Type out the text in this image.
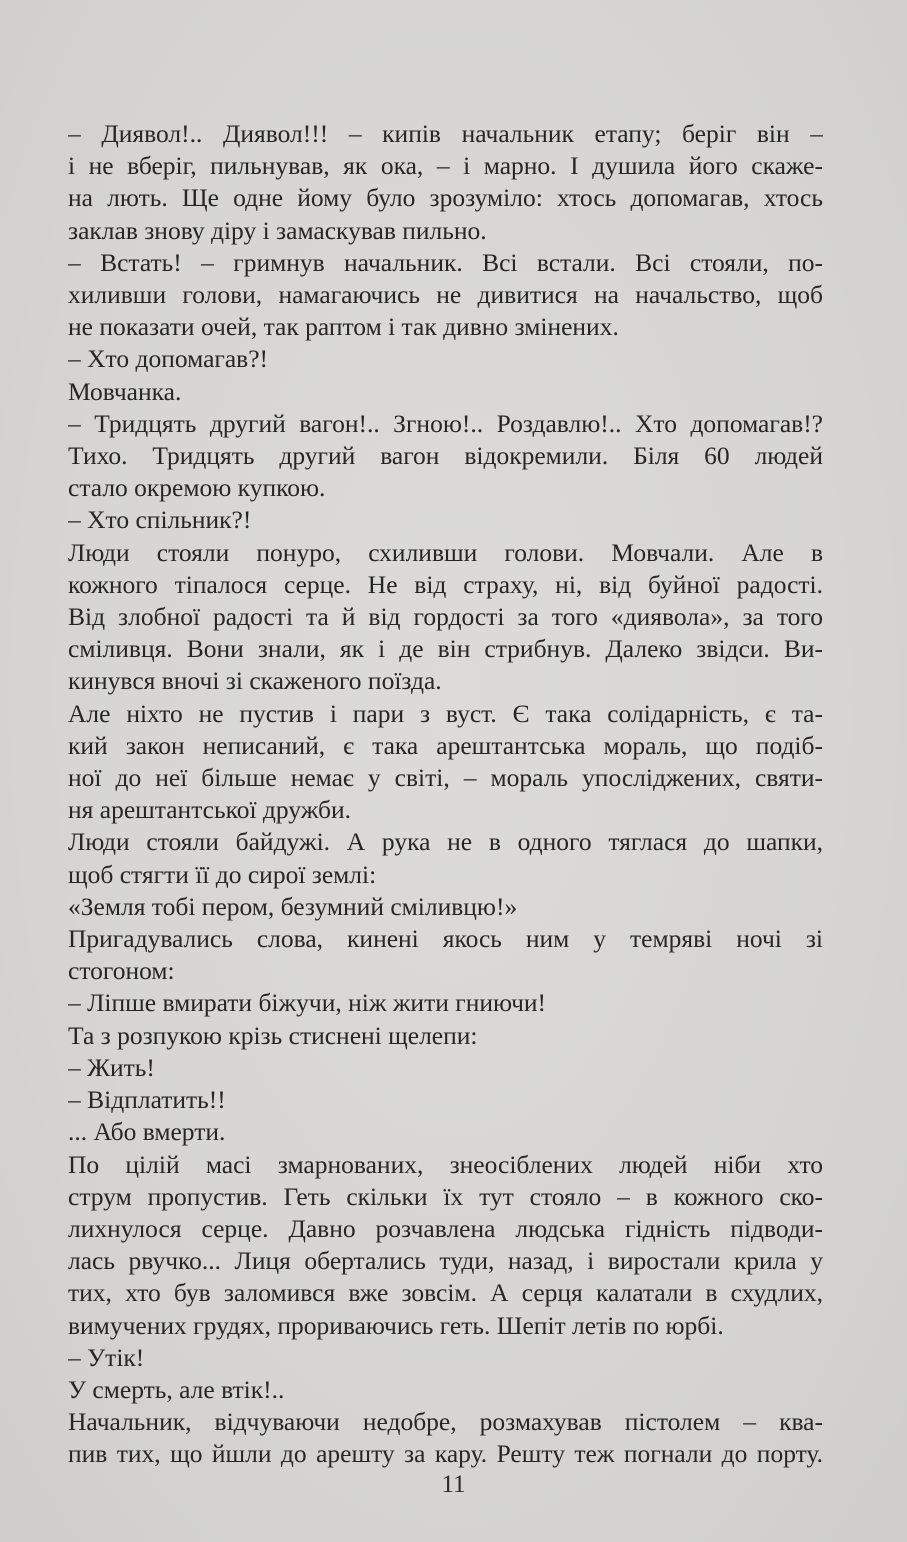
– Диявол!.. Диявол!!! – кипів начальник етапу; беріг він –
і не вберіг, пильнував, як ока, – і марно. І душила його скаже-
на лють. Ще одне йому було зрозуміло: хтось допомагав, хтось
заклав знову діру і замаскував пильно.
– Встать! – гримнув начальник. Всі встали. Всі стояли, по-
хиливши голови, намагаючись не дивитися на начальство, щоб
не показати очей, так раптом і так дивно змінених.
– Хто допомагав?!
Мовчанка.
– Тридцять другий вагон!.. Згною!.. Роздавлю!.. Хто допомагав!?
Тихо. Тридцять другий вагон відокремили. Біля 60 людей
стало окремою купкою.
– Хто спільник?!
Люди стояли понуро, схиливши голови. Мовчали. Але в
кожного тіпалося серце. Не від страху, ні, від буйної радості.
Від злобної радості та й від гордості за того «диявола», за того
сміливця. Вони знали, як і де він стрибнув. Далеко звідси. Ви-
кинувся вночі зі скаженого поїзда.
Але ніхто не пустив і пари з вуст. Є така солідарність, є та-
кий закон неписаний, є така арештантська мораль, що подіб-
ної до неї більше немає у світі, – мораль упосліджених, святи-
ня арештантської дружби.
Люди стояли байдужі. А рука не в одного тяглася до шапки,
щоб стягти її до сирої землі:
«Земля тобі пером, безумний сміливцю!»
Пригадувались слова, кинені якось ним у темряві ночі зі
стогоном:
– Ліпше вмирати біжучи, ніж жити гниючи!
Та з розпукою крізь стиснені щелепи:
– Жить!
– Відплатить!!
... Або вмерти.
По цілій масі змарнованих, знеосіблених людей ніби хто
струм пропустив. Геть скільки їх тут стояло – в кожного ско-
лихнулося серце. Давно розчавлена людська гідність підводи-
лась рвучко... Лиця обертались туди, назад, і виростали крила у
тих, хто був заломився вже зовсім. А серця калатали в схудлих,
вимучених грудях, прориваючись геть. Шепіт летів по юрбі.
– Утік!
У смерть, але втік!..
Начальник, відчуваючи недобре, розмахував пістолем – ква-
пив тих, що йшли до арешту за кару. Решту теж погнали до порту.
11
